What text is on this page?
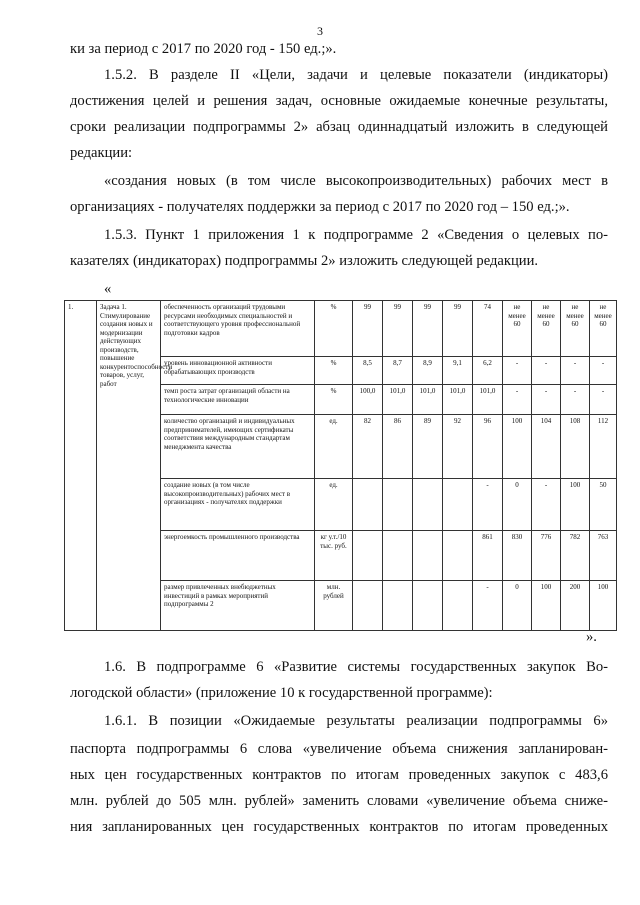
3
ки за период с 2017 по 2020 год - 150 ед.;».
1.5.2. В разделе II «Цели, задачи и целевые показатели (индикаторы)
достижения целей и решения задач, основные ожидаемые конечные результаты,
сроки реализации подпрограммы 2» абзац одиннадцатый изложить в следующей
редакции:
«создания новых (в том числе высокопроизводительных) рабочих мест в
организациях - получателях поддержки за период с 2017 по 2020 год – 150 ед.;».
1.5.3. Пункт 1 приложения 1 к подпрограмме 2 «Сведения о целевых по-
казателях (индикаторах) подпрограммы 2» изложить следующей редакции.
«
1.	Задача 1. Стимулирование создания новых и модернизации действующих производств, повышение конкурентоспособности товаров, услуг, работ	обеспеченность организаций трудовыми ресурсами необходимых специальностей и соответствующего уровня профессиональной подготовки кадров	%	99	99	99	99	74	не менее 60	не менее 60	не менее 60	не менее 60
		уровень инновационной активности обрабатывающих производств	%	8,5	8,7	8,9	9,1	6,2	-	-	-	-
		темп роста затрат организаций области на технологические инновации	%	100,0	101,0	101,0	101,0	101,0	-	-	-	-
		количество организаций и индивидуальных предпринимателей, имеющих сертификаты соответствия международным стандартам менеджмента качества	ед.	82	86	89	92	96	100	104	108	112
		создание новых (в том числе высокопроизводительных) рабочих мест в организациях - получателях поддержки	ед.					-	0	-	100	50
		энергоемкость промышленного производства	кг у.т./10 тыс. руб.					861	830	776	782	763
		размер привлеченных внебюджетных инвестиций в рамках мероприятий подпрограммы 2	млн. рублей					-	0	100	200	100
».
1.6. В подпрограмме 6 «Развитие системы государственных закупок Во-
логодской области» (приложение 10 к государственной программе):
1.6.1. В позиции «Ожидаемые результаты реализации подпрограммы 6»
паспорта подпрограммы 6 слова «увеличение объема снижения запланирован-
ных цен государственных контрактов по итогам проведенных закупок с 483,6
млн. рублей до 505 млн. рублей» заменить словами «увеличение объема сниже-
ния запланированных цен государственных контрактов по итогам проведенных
